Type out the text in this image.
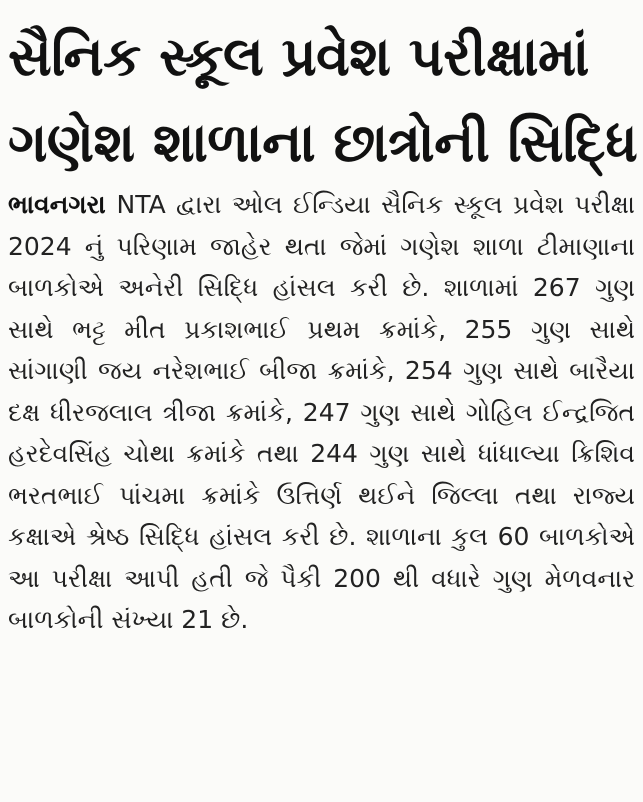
સૈનિક સ્કૂલ પ્રવેશ પરીક્ષામાં
ગણેશ શાળાના છાત્રોની સિદ્ધિ

ભાવનગર। NTA દ્વારા ઓલ ઈન્ડિયા સૈનિક સ્કૂલ પ્રવેશ પરીક્ષા 2024 નું પરિણામ જાહેર થતા જેમાં ગણેશ શાળા ટીમાણાના બાળકોએ અનેરી સિદ્ધિ હાંસલ કરી છે. શાળામાં 267 ગુણ સાથે ભટ્ટ મીત પ્રકાશભાઈ પ્રથમ ક્રમાંકે, 255 ગુણ સાથે સાંગાણી જય નરેશભાઈ બીજા ક્રમાંકે, 254 ગુણ સાથે બારૈયા દક્ષ ધીરજલાલ ત્રીજા ક્રમાંકે, 247 ગુણ સાથે ગોહિલ ઈન્દ્રજિત હરદેવસિંહ ચોથા ક્રમાંકે તથા 244 ગુણ સાથે ધાંધાલ્યા ક્રિશિવ ભરતભાઈ પાંચમા ક્રમાંકે ઉત્તિર્ણ થઈને જિલ્લા તથા રાજ્ય કક્ષાએ શ્રેષ્ઠ સિદ્ધિ હાંસલ કરી છે. શાળાના કુલ 60 બાળકોએ આ પરીક્ષા આપી હતી જે પૈકી 200 થી વધારે ગુણ મેળવનાર બાળકોની સંખ્યા 21 છે.
